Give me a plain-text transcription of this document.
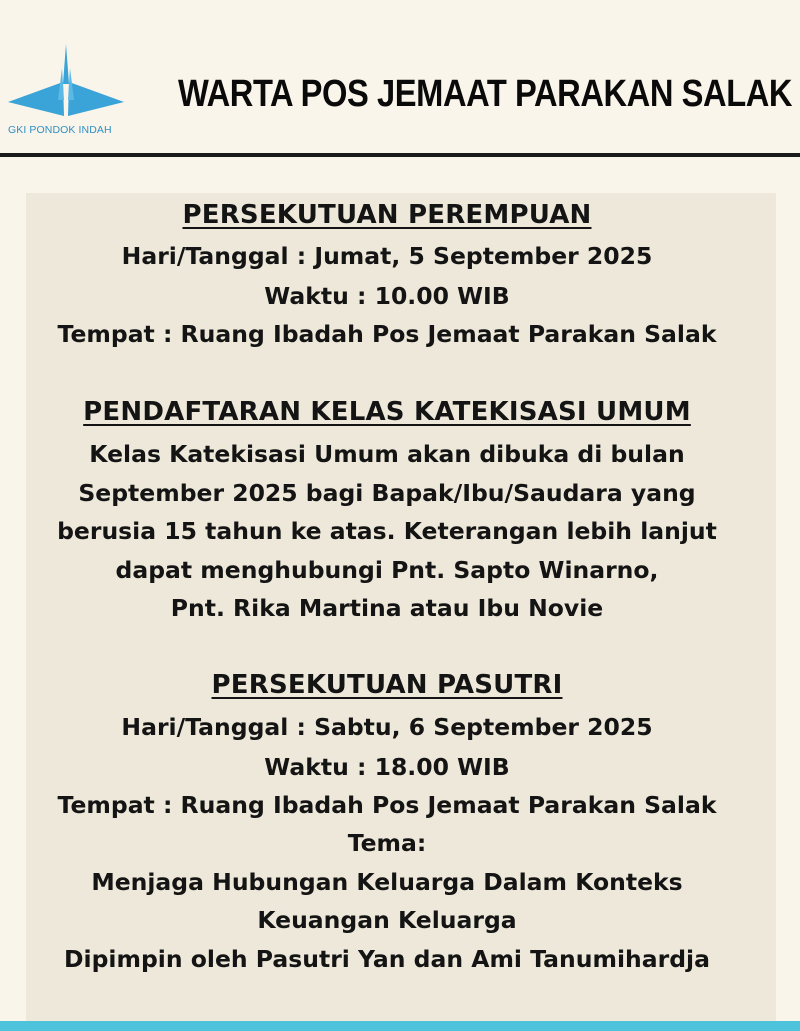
GKI PONDOK INDAH
WARTA POS JEMAAT PARAKAN SALAK
PERSEKUTUAN PEREMPUAN
Hari/Tanggal : Jumat, 5 September 2025
Waktu : 10.00 WIB
Tempat : Ruang Ibadah Pos Jemaat Parakan Salak
PENDAFTARAN KELAS KATEKISASI UMUM
Kelas Katekisasi Umum akan dibuka di bulan
September 2025 bagi Bapak/Ibu/Saudara yang
berusia 15 tahun ke atas. Keterangan lebih lanjut
dapat menghubungi Pnt. Sapto Winarno,
Pnt. Rika Martina atau Ibu Novie
PERSEKUTUAN PASUTRI
Hari/Tanggal : Sabtu, 6 September 2025
Waktu : 18.00 WIB
Tempat : Ruang Ibadah Pos Jemaat Parakan Salak
Tema:
Menjaga Hubungan Keluarga Dalam Konteks
Keuangan Keluarga
Dipimpin oleh Pasutri Yan dan Ami Tanumihardja
